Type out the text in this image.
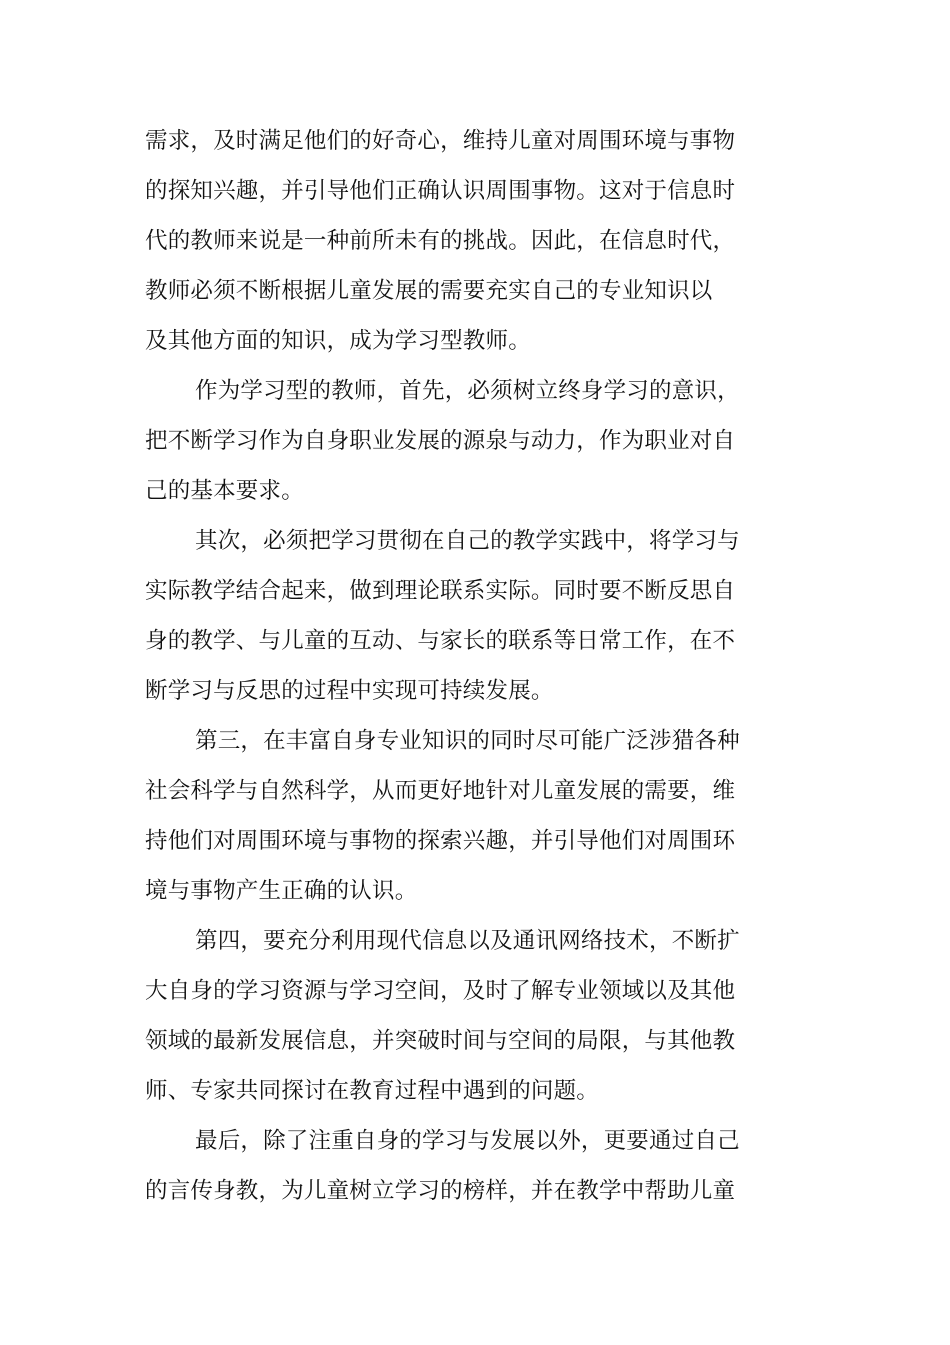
需求，及时满足他们的好奇心，维持儿童对周围环境与事物
的探知兴趣，并引导他们正确认识周围事物。这对于信息时
代的教师来说是一种前所未有的挑战。因此，在信息时代，
教师必须不断根据儿童发展的需要充实自己的专业知识以
及其他方面的知识，成为学习型教师。
作为学习型的教师，首先，必须树立终身学习的意识，
把不断学习作为自身职业发展的源泉与动力，作为职业对自
己的基本要求。
其次，必须把学习贯彻在自己的教学实践中，将学习与
实际教学结合起来，做到理论联系实际。同时要不断反思自
身的教学、与儿童的互动、与家长的联系等日常工作，在不
断学习与反思的过程中实现可持续发展。
第三，在丰富自身专业知识的同时尽可能广泛涉猎各种
社会科学与自然科学，从而更好地针对儿童发展的需要，维
持他们对周围环境与事物的探索兴趣，并引导他们对周围环
境与事物产生正确的认识。
第四，要充分利用现代信息以及通讯网络技术，不断扩
大自身的学习资源与学习空间，及时了解专业领域以及其他
领域的最新发展信息，并突破时间与空间的局限，与其他教
师、专家共同探讨在教育过程中遇到的问题。
最后，除了注重自身的学习与发展以外，更要通过自己
的言传身教，为儿童树立学习的榜样，并在教学中帮助儿童
